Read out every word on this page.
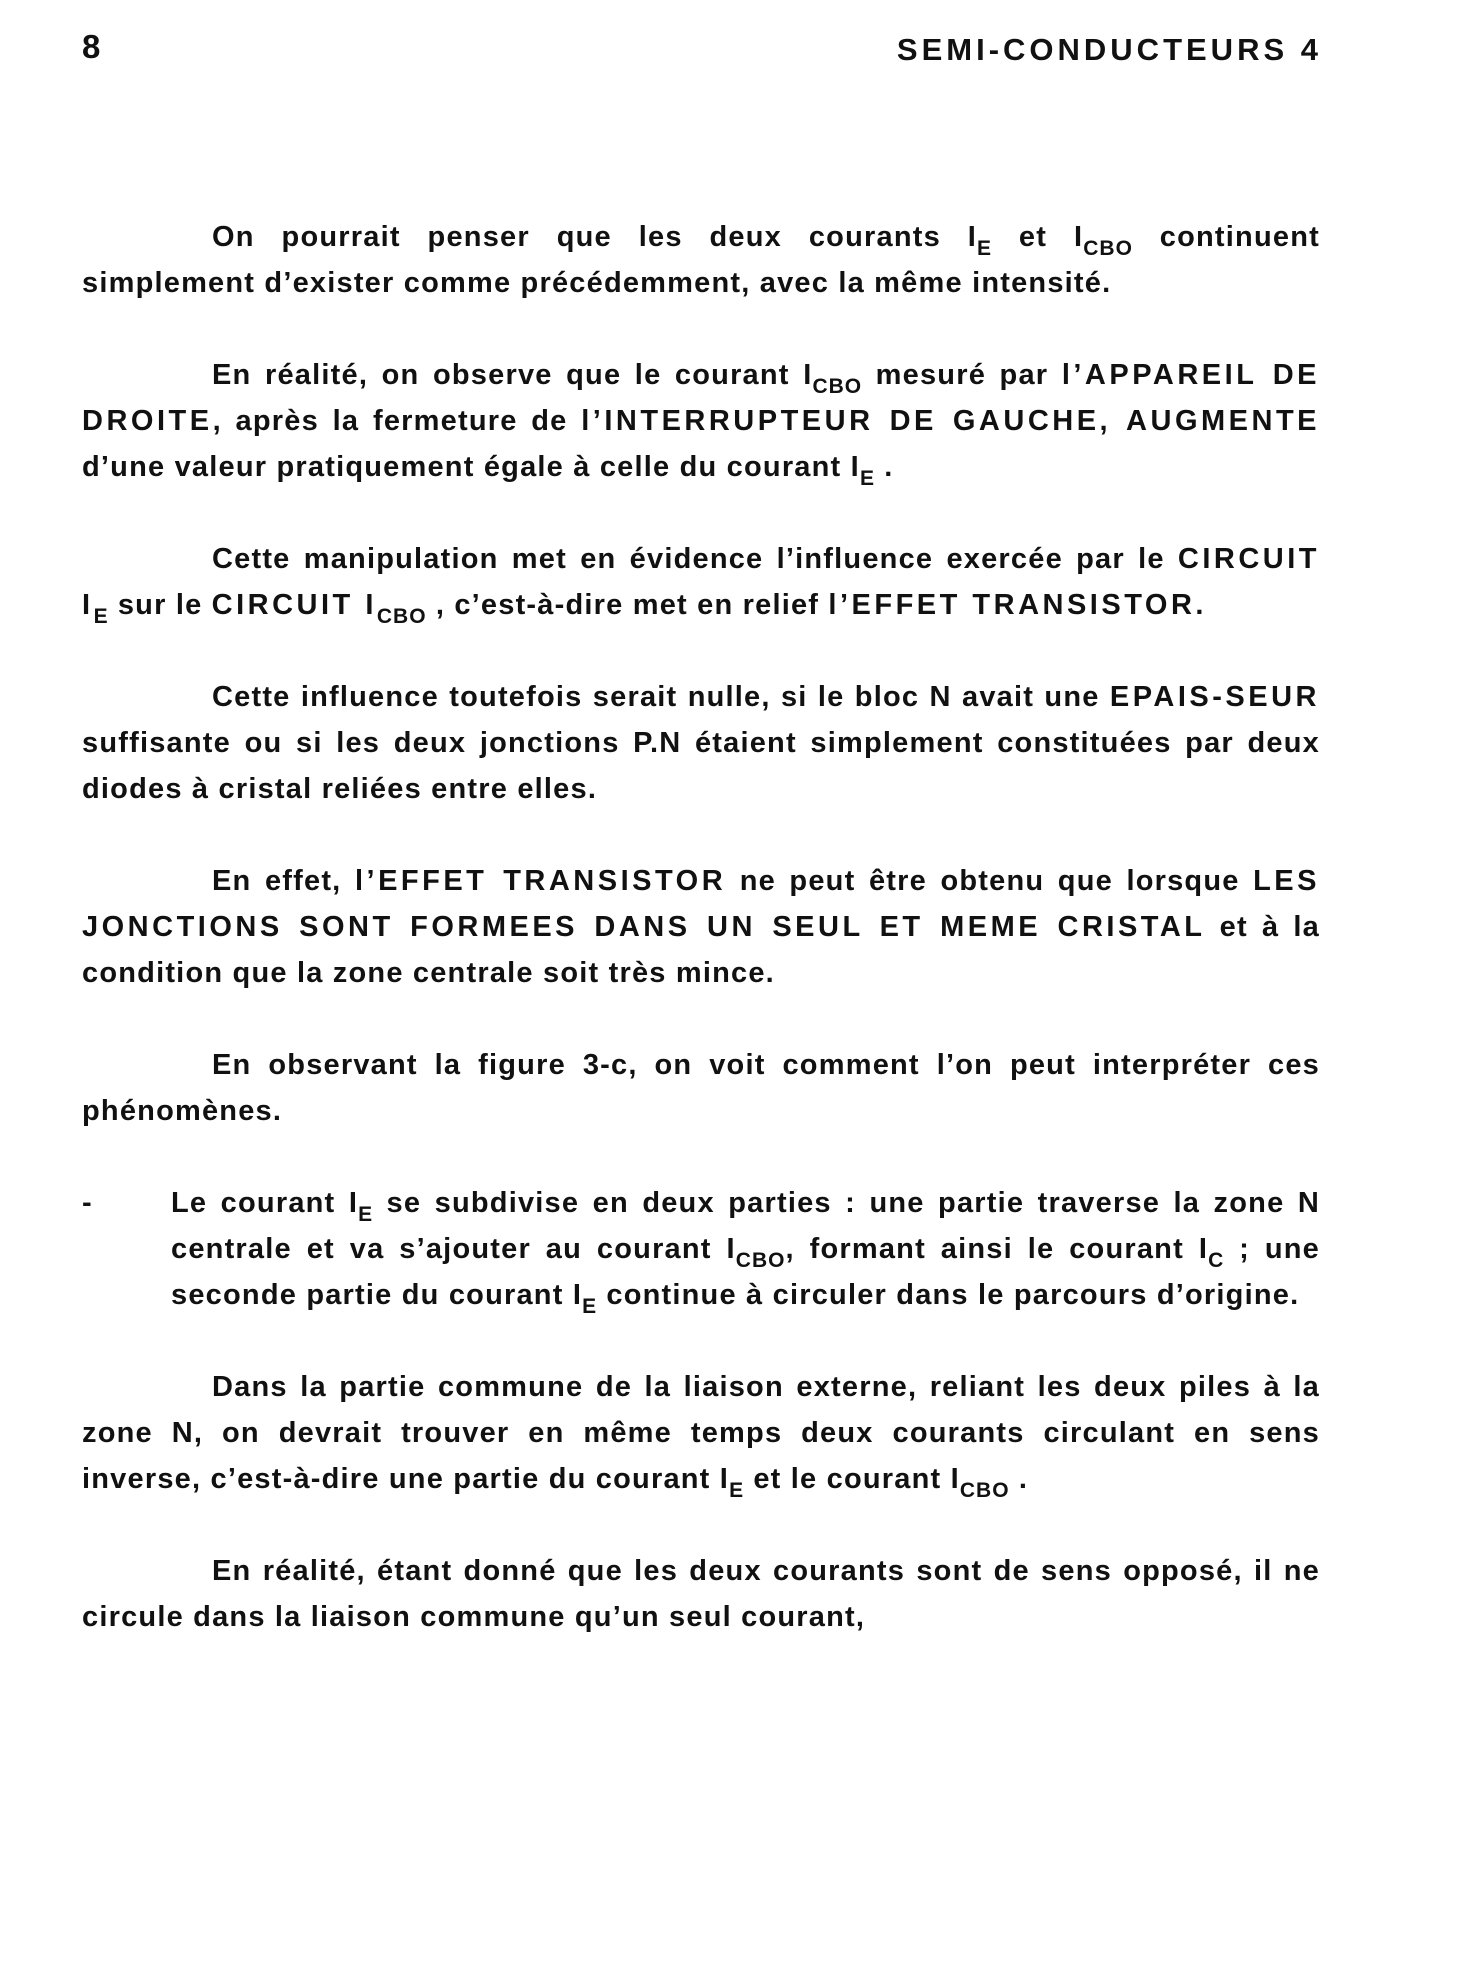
8	SEMI-CONDUCTEURS 4

On pourrait penser que les deux courants $I_E$ et $I_{CBO}$ continuent simplement d’exister comme précédemment, avec la même intensité.

En réalité, on observe que le courant $I_{CBO}$ mesuré par l’APPAREIL DE DROITE, après la fermeture de l’INTERRUPTEUR DE GAUCHE, AUGMENTE d’une valeur pratiquement égale à celle du courant $I_E$ .

Cette manipulation met en évidence l’influence exercée par le CIRCUIT $I_E$ sur le CIRCUIT $I_{CBO}$ , c’est-à-dire met en relief l’EFFET TRANSISTOR.

Cette influence toutefois serait nulle, si le bloc N avait une EPAIS-SEUR suffisante ou si les deux jonctions P.N étaient simplement constituées par deux diodes à cristal reliées entre elles.

En effet, l’EFFET TRANSISTOR ne peut être obtenu que lorsque LES JONCTIONS SONT FORMEES DANS UN SEUL ET MEME CRISTAL et à la condition que la zone centrale soit très mince.

En observant la figure 3-c, on voit comment l’on peut interpréter ces phénomènes.

-	Le courant $I_E$ se subdivise en deux parties : une partie traverse la zone N centrale et va s’ajouter au courant $I_{CBO}$, formant ainsi le courant $I_C$ ; une seconde partie du courant $I_E$ continue à circuler dans le parcours d’origine.

Dans la partie commune de la liaison externe, reliant les deux piles à la zone N, on devrait trouver en même temps deux courants circulant en sens inverse, c’est-à-dire une partie du courant $I_E$ et le courant $I_{CBO}$ .

En réalité, étant donné que les deux courants sont de sens opposé, il ne circule dans la liaison commune qu’un seul courant,
